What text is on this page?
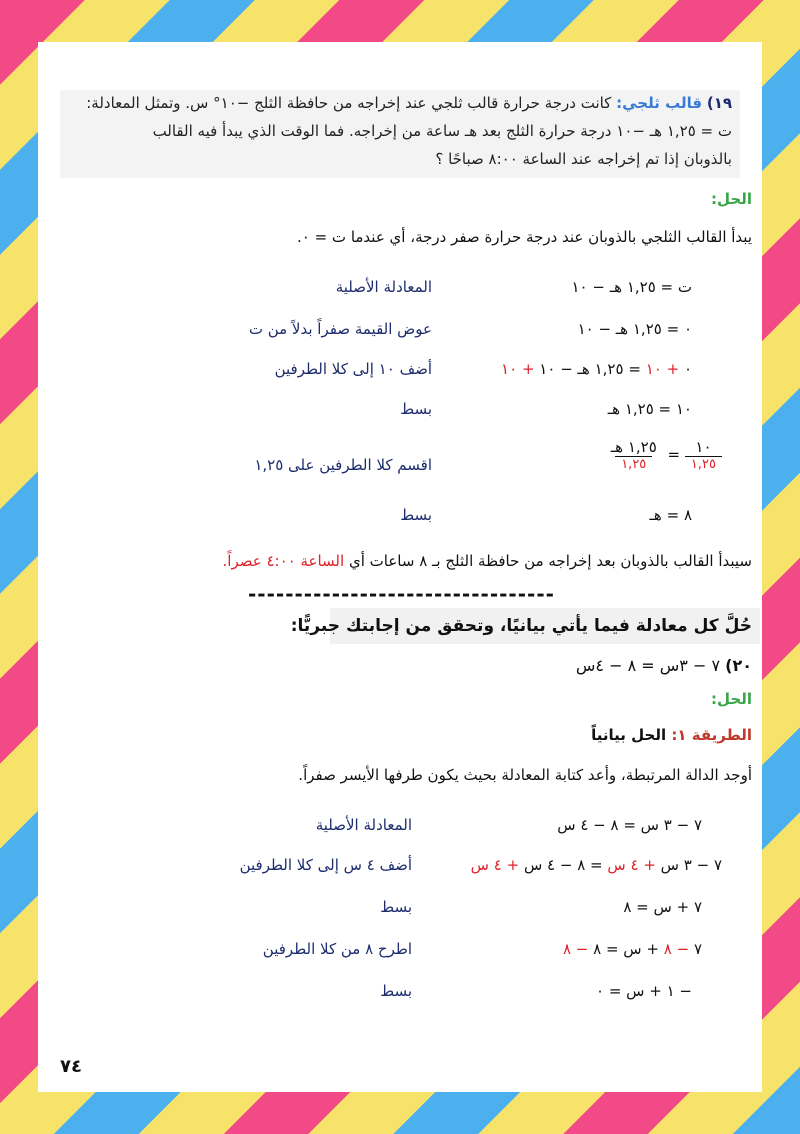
١٩) قالب ثلجي: كانت درجة حرارة قالب ثلجي عند إخراجه من حافظة الثلج −١٠° س. وتمثل المعادلة:
ت = ١,٢٥ هـ −١٠ درجة حرارة الثلج بعد هـ ساعة من إخراجه. فما الوقت الذي يبدأ فيه القالب
بالذوبان إذا تم إخراجه عند الساعة ٨:٠٠ صباحًا ؟
الحل:
يبدأ القالب الثلجي بالذوبان عند درجة حرارة صفر درجة، أي عندما ت = ٠.
ت = ١,٢٥ هـ − ١٠
المعادلة الأصلية
٠ = ١,٢٥ هـ − ١٠
عوض القيمة صفراً بدلاً من ت
٠ + ١٠ = ١,٢٥ هـ − ١٠ + ١٠
أضف ١٠ إلى كلا الطرفين
١٠ = ١,٢٥ هـ
بسط
$\frac{١٠}{١,٢٥}$
=
$\frac{\text{١,٢٥ هـ}}{١,٢٥}$
اقسم كلا الطرفين على ١,٢٥
٨ = هـ
بسط
سيبدأ القالب بالذوبان بعد إخراجه من حافظة الثلج بـ ٨ ساعات أي الساعة ٤:٠٠ عصراً.
---------------------------------
حُلَّ كل معادلة فيما يأتي بيانيًا، وتحقق من إجابتك جبريًّا:
٢٠) ٧ − ٣س = ٨ − ٤س
الحل:
الطريقة ١: الحل بيانياً
أوجد الدالة المرتبطة، وأعد كتابة المعادلة بحيث يكون طرفها الأيسر صفراً.
٧ − ٣ س = ٨ − ٤ س
المعادلة الأصلية
٧ − ٣ س + ٤ س = ٨ − ٤ س + ٤ س
أضف ٤ س إلى كلا الطرفين
٧ + س = ٨
بسط
٧ − ٨ + س = ٨ − ٨
اطرح ٨ من كلا الطرفين
− ١ + س = ٠
بسط
٧٤
